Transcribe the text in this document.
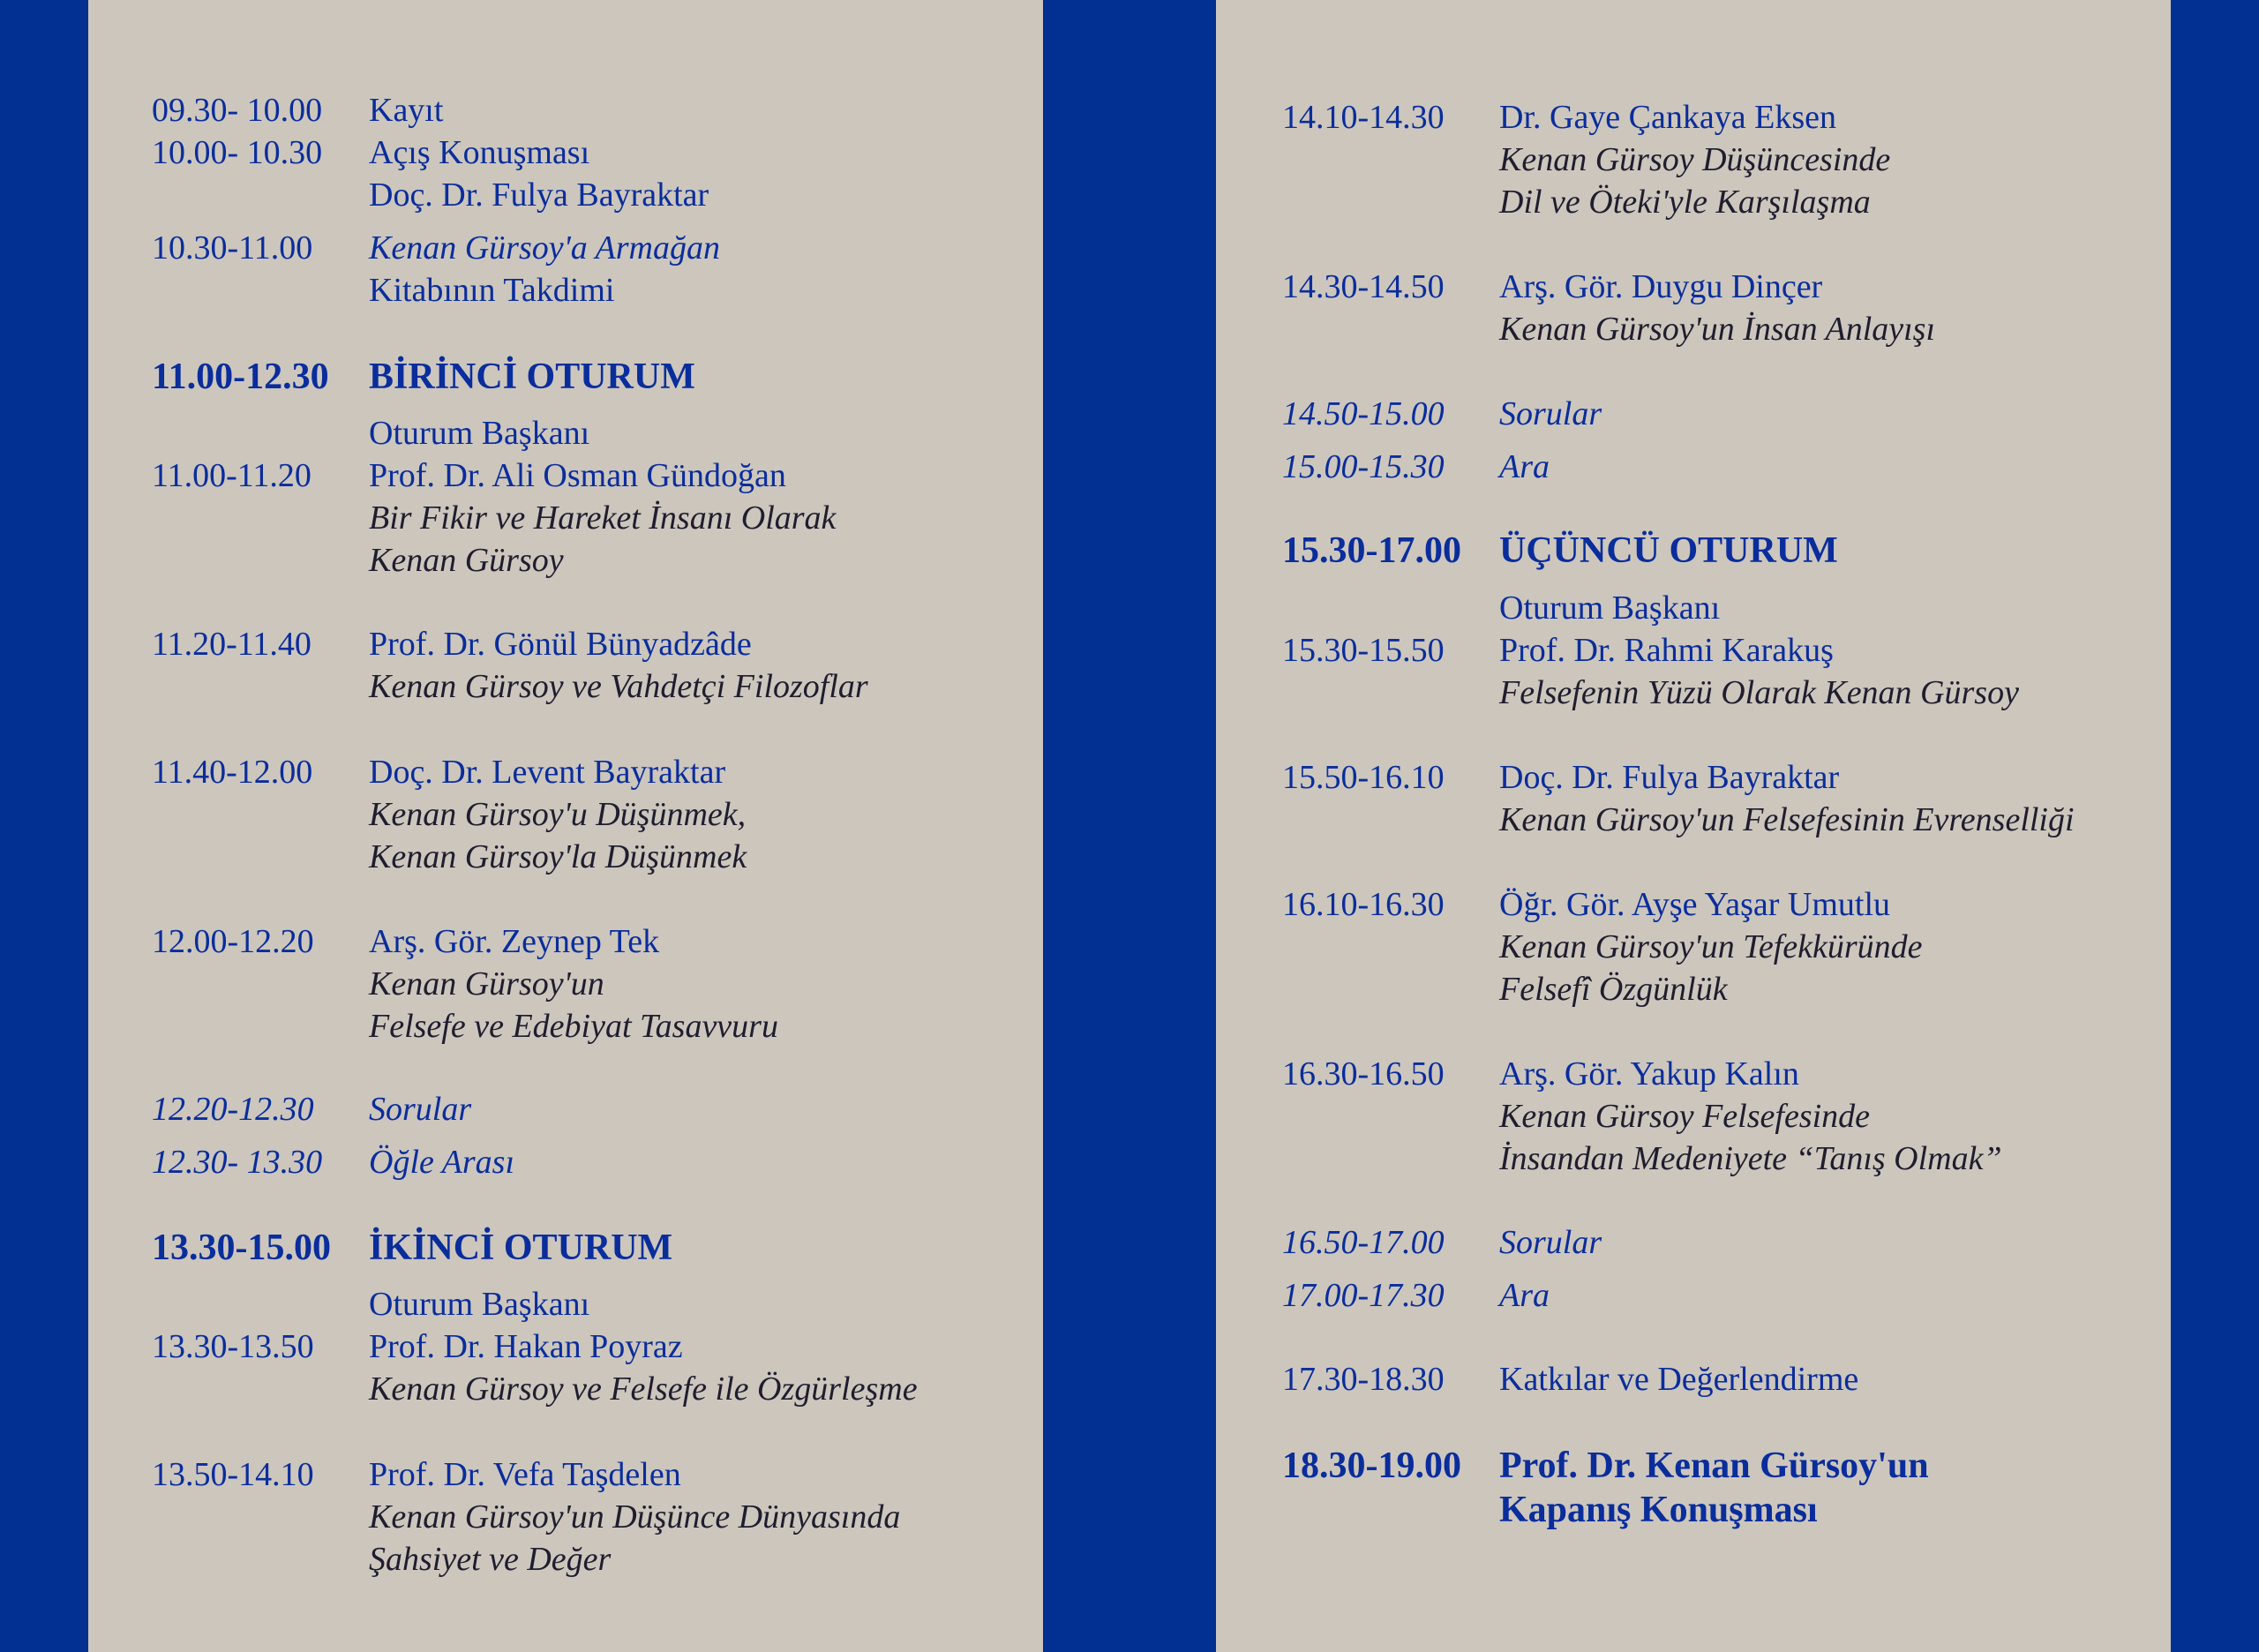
09.30- 10.00	Kayıt
10.00- 10.30	Açış Konuşması
Doç. Dr. Fulya Bayraktar
10.30-11.00	Kenan Gürsoy'a Armağan
Kitabının Takdimi
11.00-12.30	BİRİNCİ OTURUM
Oturum Başkanı
11.00-11.20	Prof. Dr. Ali Osman Gündoğan
Bir Fikir ve Hareket İnsanı Olarak
Kenan Gürsoy
11.20-11.40	Prof. Dr. Gönül Bünyadzâde
Kenan Gürsoy ve Vahdetçi Filozoflar
11.40-12.00	Doç. Dr. Levent Bayraktar
Kenan Gürsoy'u Düşünmek,
Kenan Gürsoy'la Düşünmek
12.00-12.20	Arş. Gör. Zeynep Tek
Kenan Gürsoy'un
Felsefe ve Edebiyat Tasavvuru
12.20-12.30	Sorular
12.30- 13.30	Öğle Arası
13.30-15.00	İKİNCİ OTURUM
Oturum Başkanı
13.30-13.50	Prof. Dr. Hakan Poyraz
Kenan Gürsoy ve Felsefe ile Özgürleşme
13.50-14.10	Prof. Dr. Vefa Taşdelen
Kenan Gürsoy'un Düşünce Dünyasında
Şahsiyet ve Değer
14.10-14.30	Dr. Gaye Çankaya Eksen
Kenan Gürsoy Düşüncesinde
Dil ve Öteki'yle Karşılaşma
14.30-14.50	Arş. Gör. Duygu Dinçer
Kenan Gürsoy'un İnsan Anlayışı
14.50-15.00	Sorular
15.00-15.30	Ara
15.30-17.00	ÜÇÜNCÜ OTURUM
Oturum Başkanı
15.30-15.50	Prof. Dr. Rahmi Karakuş
Felsefenin Yüzü Olarak Kenan Gürsoy
15.50-16.10	Doç. Dr. Fulya Bayraktar
Kenan Gürsoy'un Felsefesinin Evrenselliği
16.10-16.30	Öğr. Gör. Ayşe Yaşar Umutlu
Kenan Gürsoy'un Tefekküründe
Felsefî Özgünlük
16.30-16.50	Arş. Gör. Yakup Kalın
Kenan Gürsoy Felsefesinde
İnsandan Medeniyete “Tanış Olmak”
16.50-17.00	Sorular
17.00-17.30	Ara
17.30-18.30	Katkılar ve Değerlendirme
18.30-19.00	Prof. Dr. Kenan Gürsoy'un
Kapanış Konuşması
